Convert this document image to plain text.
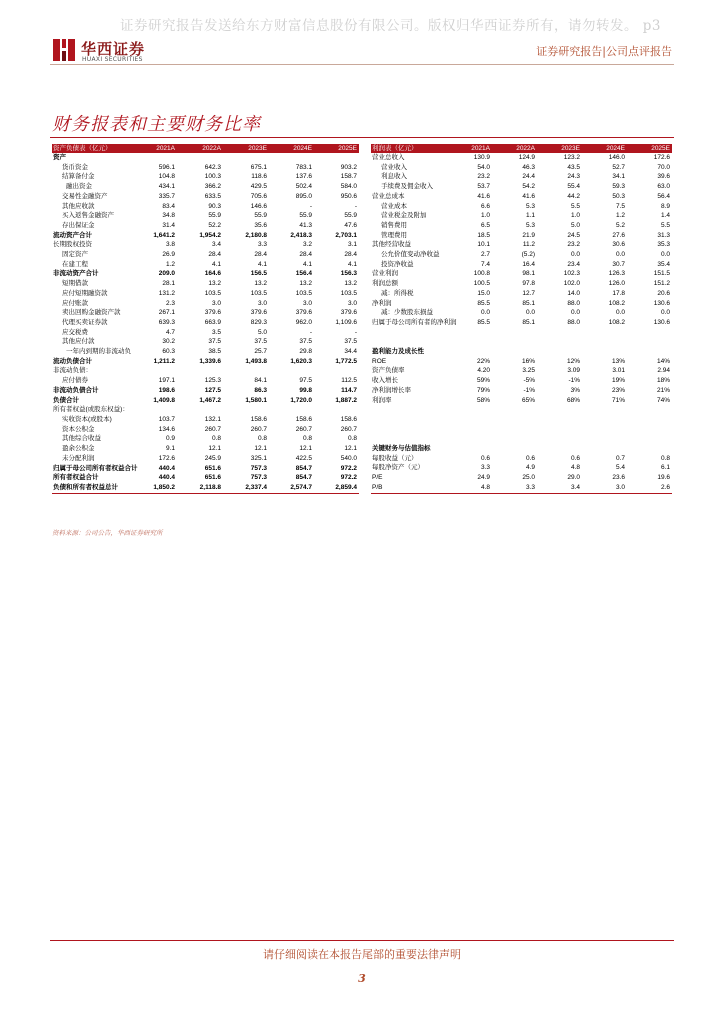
证券研究报告发送给东方财富信息股份有限公司。版权归华西证券所有，请勿转发。 p3
华西证券
HUAXI SECURITIES
证券研究报告|公司点评报告
财务报表和主要财务比率
资产负债表（亿元）	2021A	2022A	2023E	2024E	2025E
资产					
货币资金	596.1	642.3	675.1	783.1	903.2
结算备付金	104.8	100.3	118.6	137.6	158.7
融出资金	434.1	366.2	429.5	502.4	584.0
交易性金融资产	335.7	633.5	705.6	895.0	950.6
其他应收款	83.4	90.3	146.6	-	-
买入返售金融资产	34.8	55.9	55.9	55.9	55.9
存出保证金	31.4	52.2	35.6	41.3	47.6
流动资产合计	1,641.2	1,954.2	2,180.8	2,418.3	2,703.1
长期股权投资	3.8	3.4	3.3	3.2	3.1
固定资产	26.9	28.4	28.4	28.4	28.4
在建工程	1.2	4.1	4.1	4.1	4.1
非流动资产合计	209.0	164.6	156.5	156.4	156.3
短期借款	28.1	13.2	13.2	13.2	13.2
应付短期融资款	131.2	103.5	103.5	103.5	103.5
应付账款	2.3	3.0	3.0	3.0	3.0
卖出回购金融资产款	267.1	379.6	379.6	379.6	379.6
代理买卖证券款	639.3	663.9	829.3	962.0	1,109.6
应交税费	4.7	3.5	5.0	-	-
其他应付款	30.2	37.5	37.5	37.5	37.5
一年内到期的非流动负	60.3	38.5	25.7	29.8	34.4
流动负债合计	1,211.2	1,339.6	1,493.8	1,620.3	1,772.5
非流动负债：					
应付债券	197.1	125.3	84.1	97.5	112.5
非流动负债合计	198.6	127.5	86.3	99.8	114.7
负债合计	1,409.8	1,467.2	1,580.1	1,720.0	1,887.2
所有者权益(或股东权益)：					
实收资本(或股本)	103.7	132.1	158.6	158.6	158.6
资本公积金	134.6	260.7	260.7	260.7	260.7
其他综合收益	0.9	0.8	0.8	0.8	0.8
盈余公积金	9.1	12.1	12.1	12.1	12.1
未分配利润	172.6	245.9	325.1	422.5	540.0
归属于母公司所有者权益合计	440.4	651.6	757.3	854.7	972.2
所有者权益合计	440.4	651.6	757.3	854.7	972.2
负债和所有者权益总计	1,850.2	2,118.8	2,337.4	2,574.7	2,859.4
利润表（亿元）	2021A	2022A	2023E	2024E	2025E
营业总收入	130.9	124.9	123.2	146.0	172.6
营业收入	54.0	46.3	43.5	52.7	70.0
利息收入	23.2	24.4	24.3	34.1	39.6
手续费及佣金收入	53.7	54.2	55.4	59.3	63.0
营业总成本	41.6	41.6	44.2	50.3	56.4
营业成本	6.6	5.3	5.5	7.5	8.9
营业税金及附加	1.0	1.1	1.0	1.2	1.4
销售费用	6.5	5.3	5.0	5.2	5.5
管理费用	18.5	21.9	24.5	27.6	31.3
其他经营收益	10.1	11.2	23.2	30.6	35.3
公允价值变动净收益	2.7	(5.2)	0.0	0.0	0.0
投资净收益	7.4	16.4	23.4	30.7	35.4
营业利润	100.8	98.1	102.3	126.3	151.5
利润总额	100.5	97.8	102.0	126.0	151.2
减：所得税	15.0	12.7	14.0	17.8	20.6
净利润	85.5	85.1	88.0	108.2	130.6
减：少数股东损益	0.0	0.0	0.0	0.0	0.0
归属于母公司所有者的净利润	85.5	85.1	88.0	108.2	130.6

盈利能力及成长性					
ROE	22%	16%	12%	13%	14%
资产负债率	4.20	3.25	3.09	3.01	2.94
收入增长	59%	-5%	-1%	19%	18%
净利润增长率	79%	-1%	3%	23%	21%
利润率	58%	65%	68%	71%	74%

关键财务与估值指标					
每股收益（元）	0.6	0.6	0.6	0.7	0.8
每股净资产（元）	3.3	4.9	4.8	5.4	6.1
P/E	24.9	25.0	29.0	23.6	19.6
P/B	4.8	3.3	3.4	3.0	2.6
资料来源：公司公告，华西证券研究所
请仔细阅读在本报告尾部的重要法律声明
3
